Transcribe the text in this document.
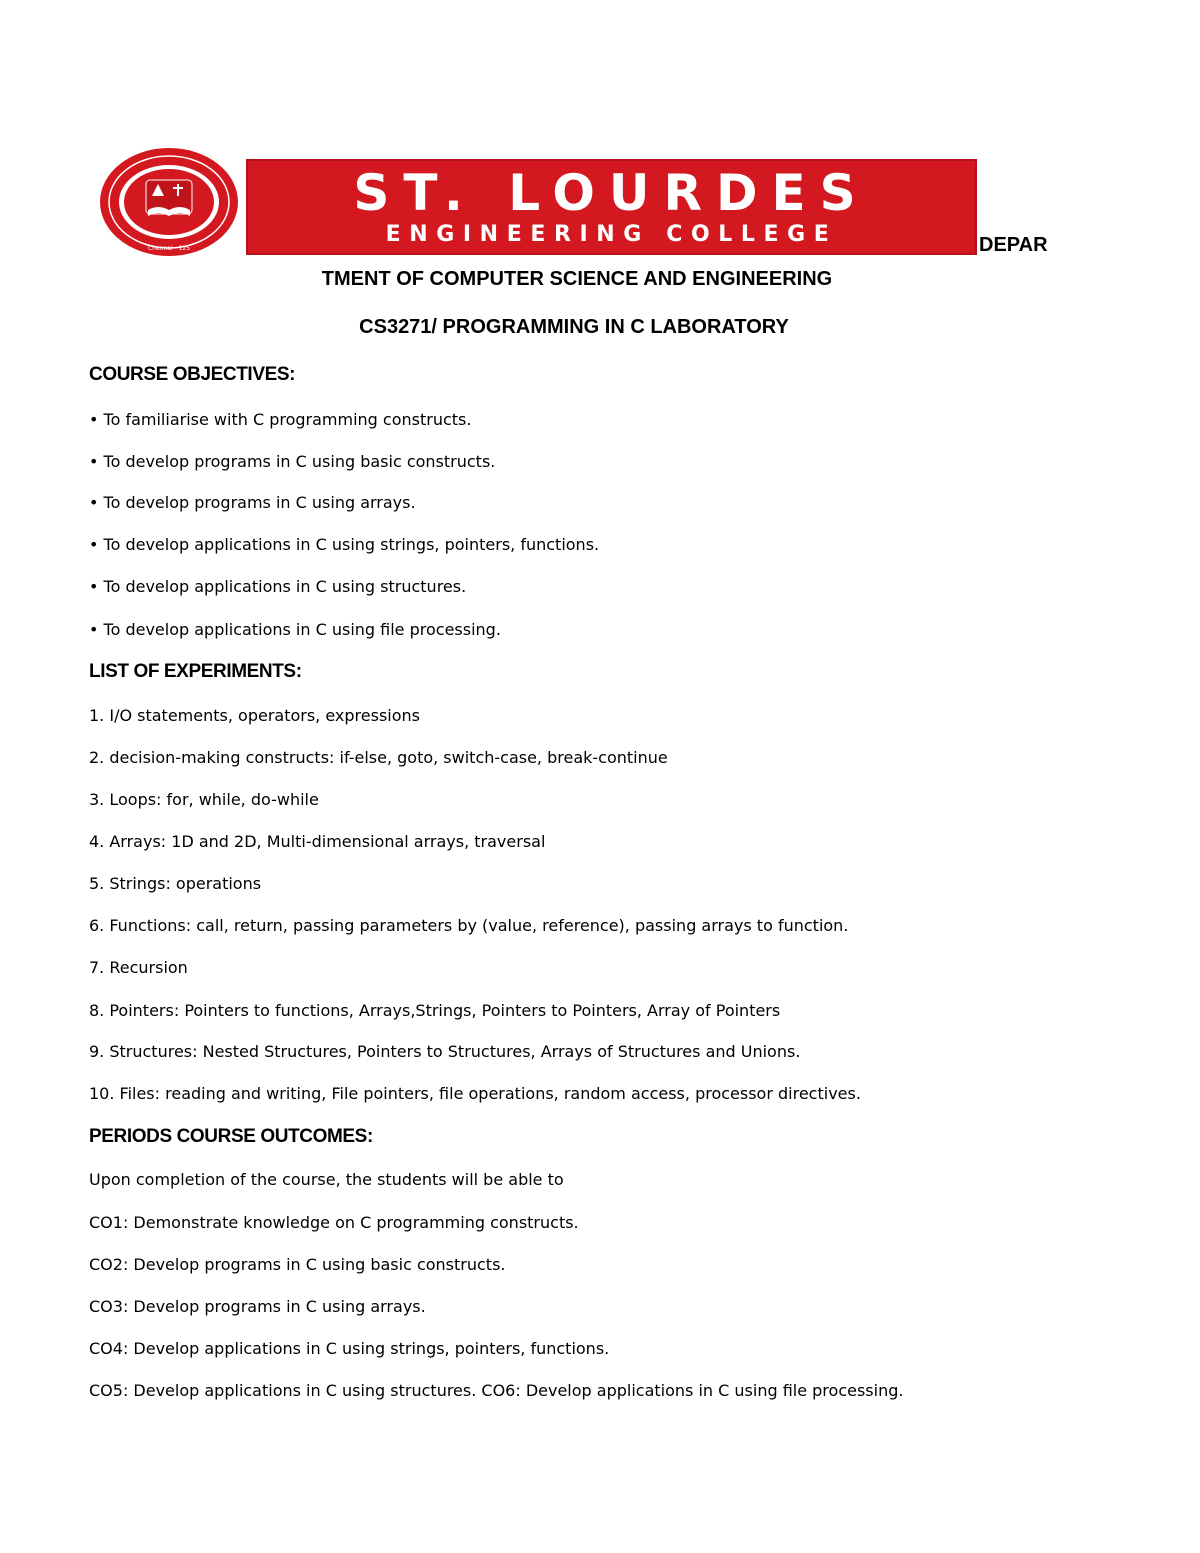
Chennai - 125
ST. LOURDES
ENGINEERING COLLEGE	DEPAR
TMENT OF COMPUTER SCIENCE AND ENGINEERING
CS3271/ PROGRAMMING IN C LABORATORY
COURSE OBJECTIVES:
• To familiarise with C programming constructs.
• To develop programs in C using basic constructs.
• To develop programs in C using arrays.
• To develop applications in C using strings, pointers, functions.
• To develop applications in C using structures.
• To develop applications in C using file processing.
LIST OF EXPERIMENTS:
1. I/O statements, operators, expressions
2. decision-making constructs: if-else, goto, switch-case, break-continue
3. Loops: for, while, do-while
4. Arrays: 1D and 2D, Multi-dimensional arrays, traversal
5. Strings: operations
6. Functions: call, return, passing parameters by (value, reference), passing arrays to function.
7. Recursion
8. Pointers: Pointers to functions, Arrays,Strings, Pointers to Pointers, Array of Pointers
9. Structures: Nested Structures, Pointers to Structures, Arrays of Structures and Unions.
10. Files: reading and writing, File pointers, file operations, random access, processor directives.
PERIODS COURSE OUTCOMES:
Upon completion of the course, the students will be able to
CO1: Demonstrate knowledge on C programming constructs.
CO2: Develop programs in C using basic constructs.
CO3: Develop programs in C using arrays.
CO4: Develop applications in C using strings, pointers, functions.
CO5: Develop applications in C using structures. CO6: Develop applications in C using file processing.
